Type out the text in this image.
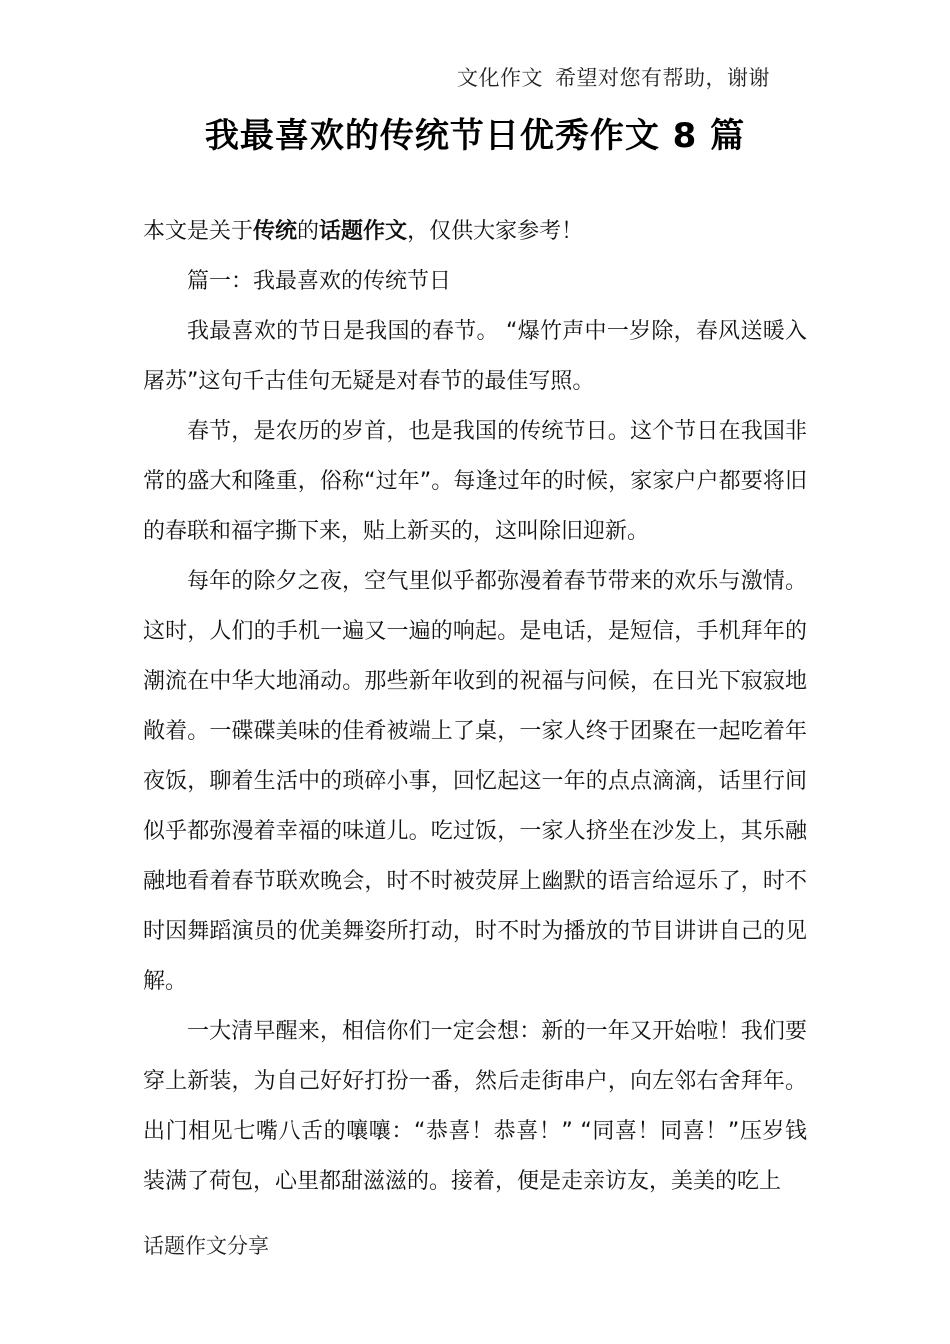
文化作文 希望对您有帮助，谢谢
我最喜欢的传统节日优秀作文 8 篇

本文是关于传统的话题作文，仅供大家参考！

篇一：我最喜欢的传统节日

我最喜欢的节日是我国的春节。 “爆竹声中一岁除，春风送暖入屠苏”这句千古佳句无疑是对春节的最佳写照。

春节，是农历的岁首，也是我国的传统节日。这个节日在我国非常的盛大和隆重，俗称“过年”。每逢过年的时候，家家户户都要将旧的春联和福字撕下来，贴上新买的，这叫除旧迎新。

每年的除夕之夜，空气里似乎都弥漫着春节带来的欢乐与激情。这时，人们的手机一遍又一遍的响起。是电话，是短信，手机拜年的潮流在中华大地涌动。那些新年收到的祝福与问候，在日光下寂寂地敞着。一碟碟美味的佳肴被端上了桌，一家人终于团聚在一起吃着年夜饭，聊着生活中的琐碎小事，回忆起这一年的点点滴滴，话里行间似乎都弥漫着幸福的味道儿。吃过饭，一家人挤坐在沙发上，其乐融融地看着春节联欢晚会，时不时被荧屏上幽默的语言给逗乐了，时不时因舞蹈演员的优美舞姿所打动，时不时为播放的节目讲讲自己的见解。

一大清早醒来，相信你们一定会想：新的一年又开始啦！我们要穿上新装，为自己好好打扮一番，然后走街串户，向左邻右舍拜年。出门相见七嘴八舌的嚷嚷：“恭喜！恭喜！” “同喜！同喜！”压岁钱装满了荷包，心里都甜滋滋的。接着，便是走亲访友，美美的吃上

话题作文分享
